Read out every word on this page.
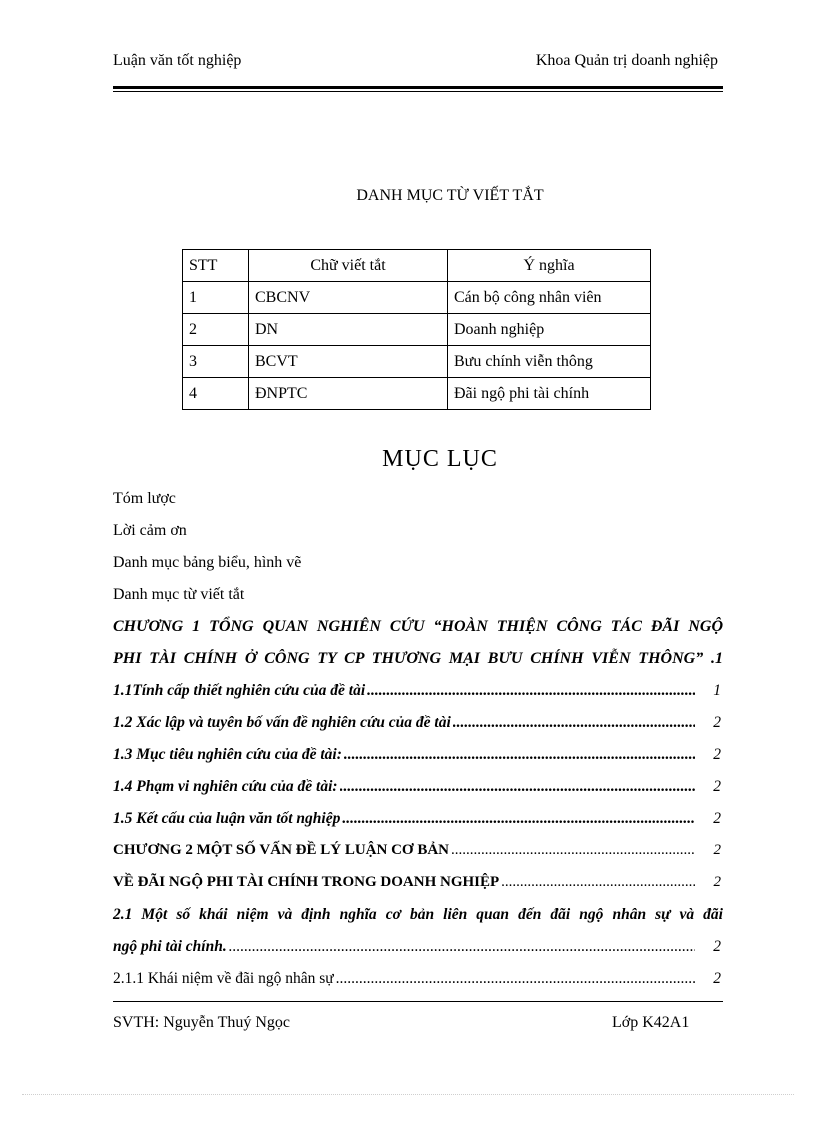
Luận văn tốt nghiệp	Khoa Quản trị doanh nghiệp
DANH MỤC TỪ VIẾT TẮT
STT	Chữ viết tắt	Ý nghĩa
1	CBCNV	Cán bộ công nhân viên
2	DN	Doanh nghiệp
3	BCVT	Bưu chính viễn thông
4	ĐNPTC	Đãi ngộ phi tài chính
MỤC LỤC
Tóm lược
Lời cảm ơn
Danh mục bảng biểu, hình vẽ
Danh mục từ viết tắt
CHƯƠNG 1 TỔNG QUAN NGHIÊN CỨU “HOÀN THIỆN CÔNG TÁC ĐÃI NGỘ
PHI TÀI CHÍNH Ở CÔNG TY CP THƯƠNG MẠI BƯU CHÍNH VIỄN THÔNG” .1
1.1Tính cấp thiết nghiên cứu của đề tài .....	1
1.2 Xác lập và tuyên bố vấn đề nghiên cứu của đề tài .....	2
1.3 Mục tiêu nghiên cứu của đề tài: .....	2
1.4 Phạm vi nghiên cứu của đề tài: .....	2
1.5 Kết cấu của luận văn tốt nghiệp .....	2
CHƯƠNG 2 MỘT SỐ VẤN ĐỀ LÝ LUẬN CƠ BẢN .....	2
VỀ ĐÃI NGỘ PHI TÀI CHÍNH TRONG DOANH NGHIỆP .....	2
2.1 Một số khái niệm và định nghĩa cơ bản liên quan đến đãi ngộ nhân sự và đãi
ngộ phi tài chính. .....	2
2.1.1 Khái niệm về đãi ngộ nhân sự .....	2
SVTH: Nguyễn Thuý Ngọc	Lớp K42A1
